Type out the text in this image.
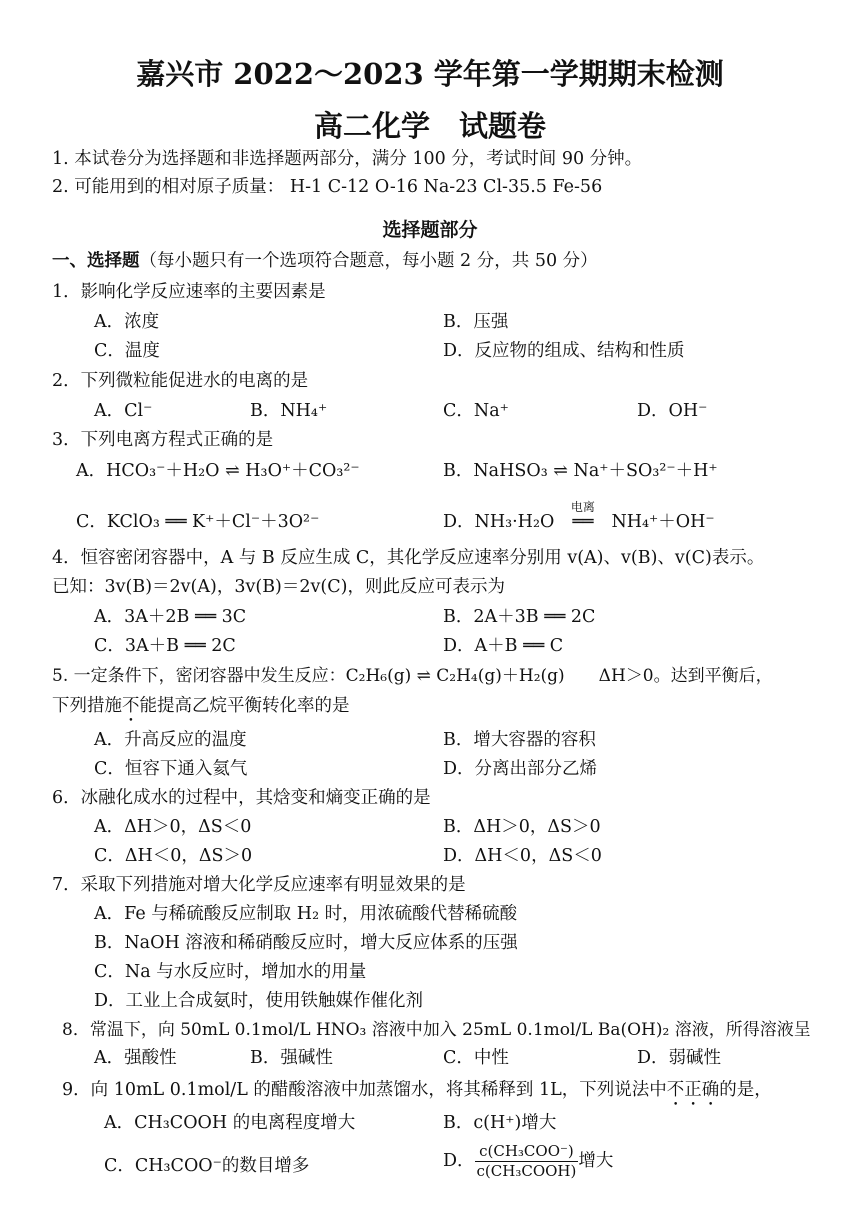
嘉兴市 2022～2023 学年第一学期期末检测
高二化学　试题卷
1. 本试卷分为选择题和非选择题两部分，满分 100 分，考试时间 90 分钟。
2. 可能用到的相对原子质量： H-1 C-12 O-16 Na-23 Cl-35.5 Fe-56
选择题部分
一、选择题（每小题只有一个选项符合题意，每小题 2 分，共 50 分）
1．影响化学反应速率的主要因素是
A．浓度	B．压强
C．温度	D．反应物的组成、结构和性质
2．下列微粒能促进水的电离的是
A．Cl⁻	B．NH₄⁺	C．Na⁺	D．OH⁻
3．下列电离方程式正确的是
A．HCO₃⁻＋H₂O ⇌ H₃O⁺＋CO₃²⁻	B．NaHSO₃ ⇌ Na⁺＋SO₃²⁻＋H⁺
C．KClO₃ ══ K⁺＋Cl⁻＋3O²⁻	D．NH₃·H₂O
电离
══ NH₄⁺＋OH⁻
4．恒容密闭容器中，A 与 B 反应生成 C，其化学反应速率分别用 v(A)、v(B)、v(C)表示。
已知：3v(B)＝2v(A)，3v(B)＝2v(C)，则此反应可表示为
A．3A＋2B ══ 3C	B．2A＋3B ══ 2C
C．3A＋B ══ 2C	D．A＋B ══ C
5. 一定条件下，密闭容器中发生反应：C₂H₆(g) ⇌ C₂H₄(g)＋H₂(g)　　ΔH＞0。达到平衡后，
下列措施不能提高乙烷平衡转化率的是
A．升高反应的温度	B．增大容器的容积
C．恒容下通入氦气	D．分离出部分乙烯
6．冰融化成水的过程中，其焓变和熵变正确的是
A．ΔH＞0，ΔS＜0	B．ΔH＞0，ΔS＞0
C．ΔH＜0，ΔS＞0	D．ΔH＜0，ΔS＜0
7．采取下列措施对增大化学反应速率有明显效果的是
A．Fe 与稀硫酸反应制取 H₂ 时，用浓硫酸代替稀硫酸
B．NaOH 溶液和稀硝酸反应时，增大反应体系的压强
C．Na 与水反应时，增加水的用量
D．工业上合成氨时，使用铁触媒作催化剂
8．常温下，向 50mL 0.1mol/L HNO₃ 溶液中加入 25mL 0.1mol/L Ba(OH)₂ 溶液，所得溶液呈
A．强酸性	B．强碱性	C．中性	D．弱碱性
9．向 10mL 0.1mol/L 的醋酸溶液中加蒸馏水，将其稀释到 1L，下列说法中不正确的是，
A．CH₃COOH 的电离程度增大	B．c(H⁺)增大
C．CH₃COO⁻的数目增多	D． $\frac{\text{c(CH₃COO⁻)}}{\text{c(CH₃COOH)}}$ 增大
